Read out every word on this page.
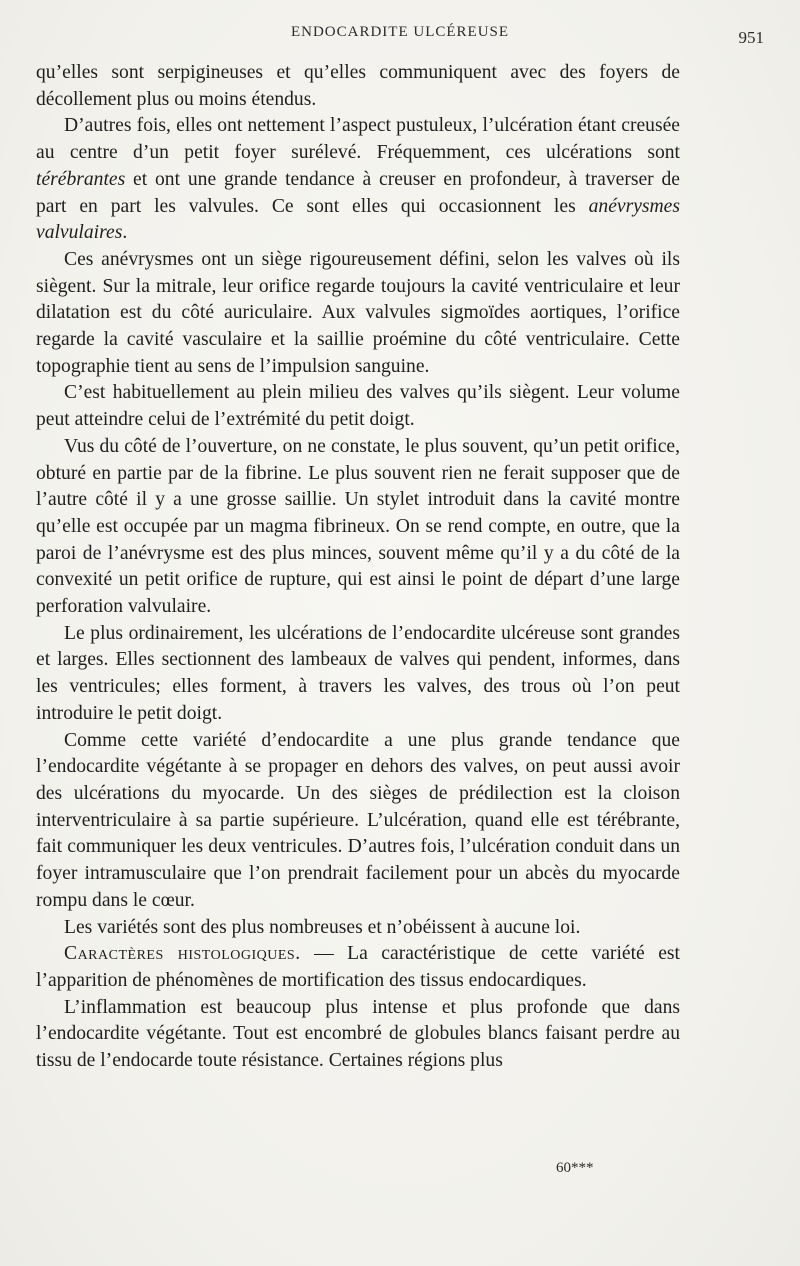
ENDOCARDITE ULCÉREUSE	951

qu’elles sont serpigineuses et qu’elles communiquent avec des foyers de décollement plus ou moins étendus.

D’autres fois, elles ont nettement l’aspect pustuleux, l’ulcération étant creusée au centre d’un petit foyer surélevé. Fréquemment, ces ulcérations sont térébrantes et ont une grande tendance à creuser en profondeur, à traverser de part en part les valvules. Ce sont elles qui occasionnent les anévrysmes valvulaires.

Ces anévrysmes ont un siège rigoureusement défini, selon les valves où ils siègent. Sur la mitrale, leur orifice regarde toujours la cavité ventriculaire et leur dilatation est du côté auriculaire. Aux valvules sigmoïdes aortiques, l’orifice regarde la cavité vasculaire et la saillie proémine du côté ventriculaire. Cette topographie tient au sens de l’impulsion sanguine.

C’est habituellement au plein milieu des valves qu’ils siègent. Leur volume peut atteindre celui de l’extrémité du petit doigt.

Vus du côté de l’ouverture, on ne constate, le plus souvent, qu’un petit orifice, obturé en partie par de la fibrine. Le plus souvent rien ne ferait supposer que de l’autre côté il y a une grosse saillie. Un stylet introduit dans la cavité montre qu’elle est occupée par un magma fibrineux. On se rend compte, en outre, que la paroi de l’anévrysme est des plus minces, souvent même qu’il y a du côté de la convexité un petit orifice de rupture, qui est ainsi le point de départ d’une large perforation valvulaire.

Le plus ordinairement, les ulcérations de l’endocardite ulcéreuse sont grandes et larges. Elles sectionnent des lambeaux de valves qui pendent, informes, dans les ventricules; elles forment, à travers les valves, des trous où l’on peut introduire le petit doigt.

Comme cette variété d’endocardite a une plus grande tendance que l’endocardite végétante à se propager en dehors des valves, on peut aussi avoir des ulcérations du myocarde. Un des sièges de prédilection est la cloison interventriculaire à sa partie supérieure. L’ulcération, quand elle est térébrante, fait communiquer les deux ventricules. D’autres fois, l’ulcération conduit dans un foyer intramusculaire que l’on prendrait facilement pour un abcès du myocarde rompu dans le cœur.

Les variétés sont des plus nombreuses et n’obéissent à aucune loi.

Caractères histologiques. — La caractéristique de cette variété est l’apparition de phénomènes de mortification des tissus endocardiques.

L’inflammation est beaucoup plus intense et plus profonde que dans l’endocardite végétante. Tout est encombré de globules blancs faisant perdre au tissu de l’endocarde toute résistance. Certaines régions plus

60***
